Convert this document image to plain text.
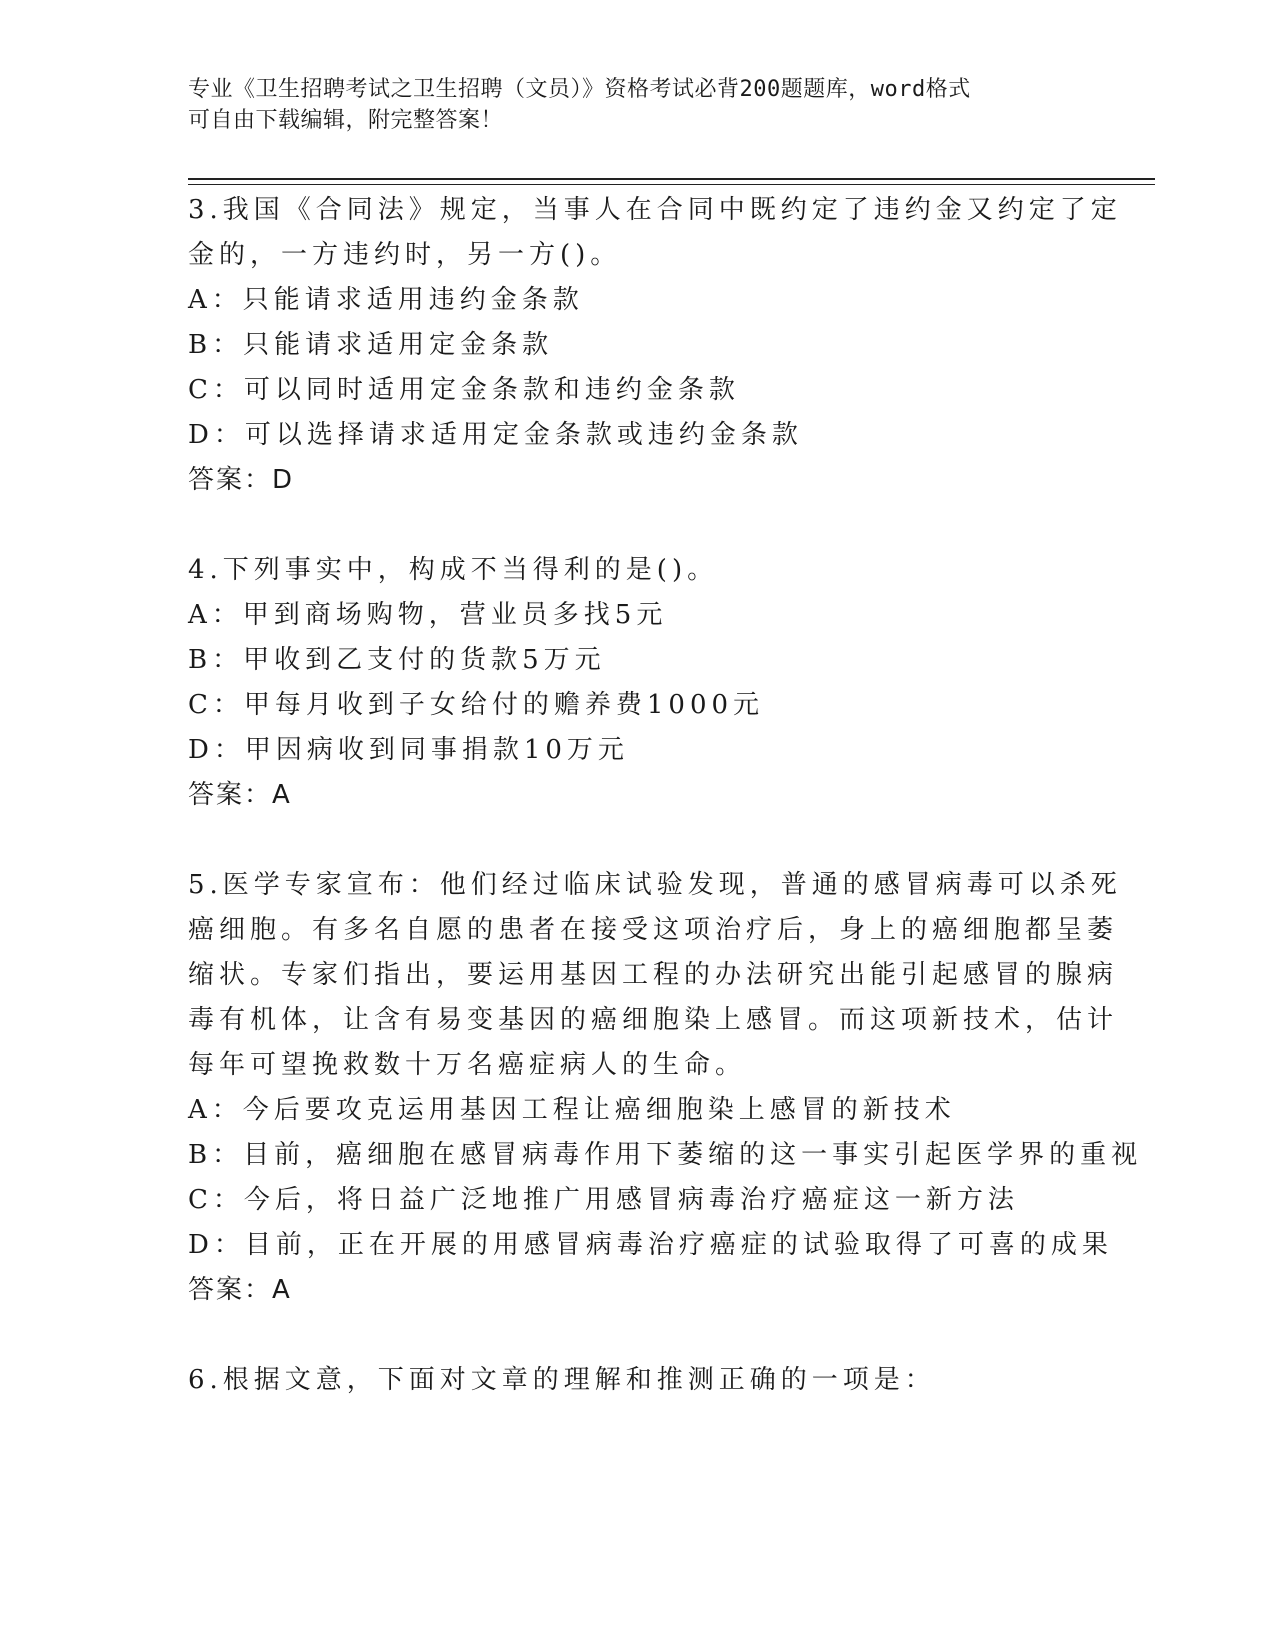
专业《卫生招聘考试之卫生招聘（文员）》资格考试必背200题题库，word格式
可自由下载编辑，附完整答案！
3.我国《合同法》规定，当事人在合同中既约定了违约金又约定了定
金的，一方违约时，另一方()。
A：只能请求适用违约金条款
B：只能请求适用定金条款
C：可以同时适用定金条款和违约金条款
D：可以选择请求适用定金条款或违约金条款
答案：D
4.下列事实中，构成不当得利的是()。
A：甲到商场购物，营业员多找5元
B：甲收到乙支付的货款5万元
C：甲每月收到子女给付的赡养费1000元
D：甲因病收到同事捐款10万元
答案：A
5.医学专家宣布：他们经过临床试验发现，普通的感冒病毒可以杀死
癌细胞。有多名自愿的患者在接受这项治疗后，身上的癌细胞都呈萎
缩状。专家们指出，要运用基因工程的办法研究出能引起感冒的腺病
毒有机体，让含有易变基因的癌细胞染上感冒。而这项新技术，估计
每年可望挽救数十万名癌症病人的生命。
A：今后要攻克运用基因工程让癌细胞染上感冒的新技术
B：目前，癌细胞在感冒病毒作用下萎缩的这一事实引起医学界的重视
C：今后，将日益广泛地推广用感冒病毒治疗癌症这一新方法
D：目前，正在开展的用感冒病毒治疗癌症的试验取得了可喜的成果
答案：A
6.根据文意，下面对文章的理解和推测正确的一项是：
